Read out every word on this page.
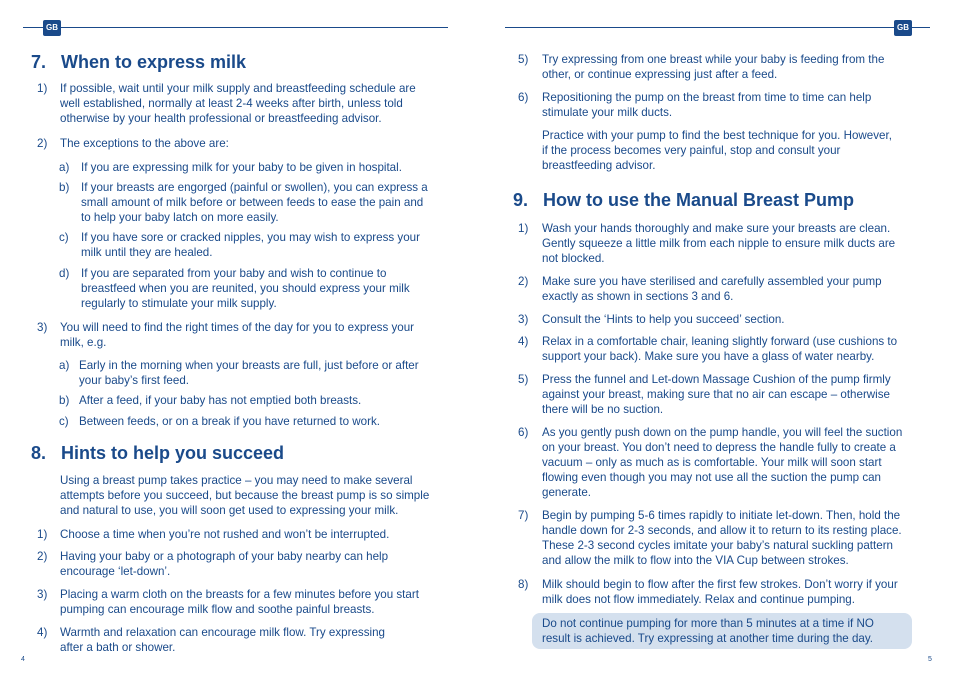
GB
7. When to express milk
1) If possible, wait until your milk supply and breastfeeding schedule are well established, normally at least 2-4 weeks after birth, unless told otherwise by your health professional or breastfeeding advisor.
2) The exceptions to the above are:
a) If you are expressing milk for your baby to be given in hospital.
b) If your breasts are engorged (painful or swollen), you can express a small amount of milk before or between feeds to ease the pain and to help your baby latch on more easily.
c) If you have sore or cracked nipples, you may wish to express your milk until they are healed.
d) If you are separated from your baby and wish to continue to breastfeed when you are reunited, you should express your milk regularly to stimulate your milk supply.
3) You will need to find the right times of the day for you to express your milk, e.g.
a) Early in the morning when your breasts are full, just before or after your baby’s first feed.
b) After a feed, if your baby has not emptied both breasts.
c) Between feeds, or on a break if you have returned to work.
8. Hints to help you succeed
Using a breast pump takes practice – you may need to make several attempts before you succeed, but because the breast pump is so simple and natural to use, you will soon get used to expressing your milk.
1) Choose a time when you’re not rushed and won’t be interrupted.
2) Having your baby or a photograph of your baby nearby can help encourage ‘let-down’.
3) Placing a warm cloth on the breasts for a few minutes before you start pumping can encourage milk flow and soothe painful breasts.
4) Warmth and relaxation can encourage milk flow. Try expressing after a bath or shower.
4
GB
5
5) Try expressing from one breast while your baby is feeding from the other, or continue expressing just after a feed.
6) Repositioning the pump on the breast from time to time can help stimulate your milk ducts.
Practice with your pump to find the best technique for you. However, if the process becomes very painful, stop and consult your breastfeeding advisor.
9. How to use the Manual Breast Pump
1) Wash your hands thoroughly and make sure your breasts are clean. Gently squeeze a little milk from each nipple to ensure milk ducts are not blocked.
2) Make sure you have sterilised and carefully assembled your pump exactly as shown in sections 3 and 6.
3) Consult the ‘Hints to help you succeed’ section.
4) Relax in a comfortable chair, leaning slightly forward (use cushions to support your back). Make sure you have a glass of water nearby.
5) Press the funnel and Let-down Massage Cushion of the pump firmly against your breast, making sure that no air can escape – otherwise there will be no suction.
6) As you gently push down on the pump handle, you will feel the suction on your breast. You don’t need to depress the handle fully to create a vacuum – only as much as is comfortable. Your milk will soon start flowing even though you may not use all the suction the pump can generate.
7) Begin by pumping 5-6 times rapidly to initiate let-down. Then, hold the handle down for 2-3 seconds, and allow it to return to its resting place. These 2-3 second cycles imitate your baby’s natural suckling pattern and allow the milk to flow into the VIA Cup between strokes.
8) Milk should begin to flow after the first few strokes. Don’t worry if your milk does not flow immediately. Relax and continue pumping.
Do not continue pumping for more than 5 minutes at a time if NO result is achieved. Try expressing at another time during the day.
